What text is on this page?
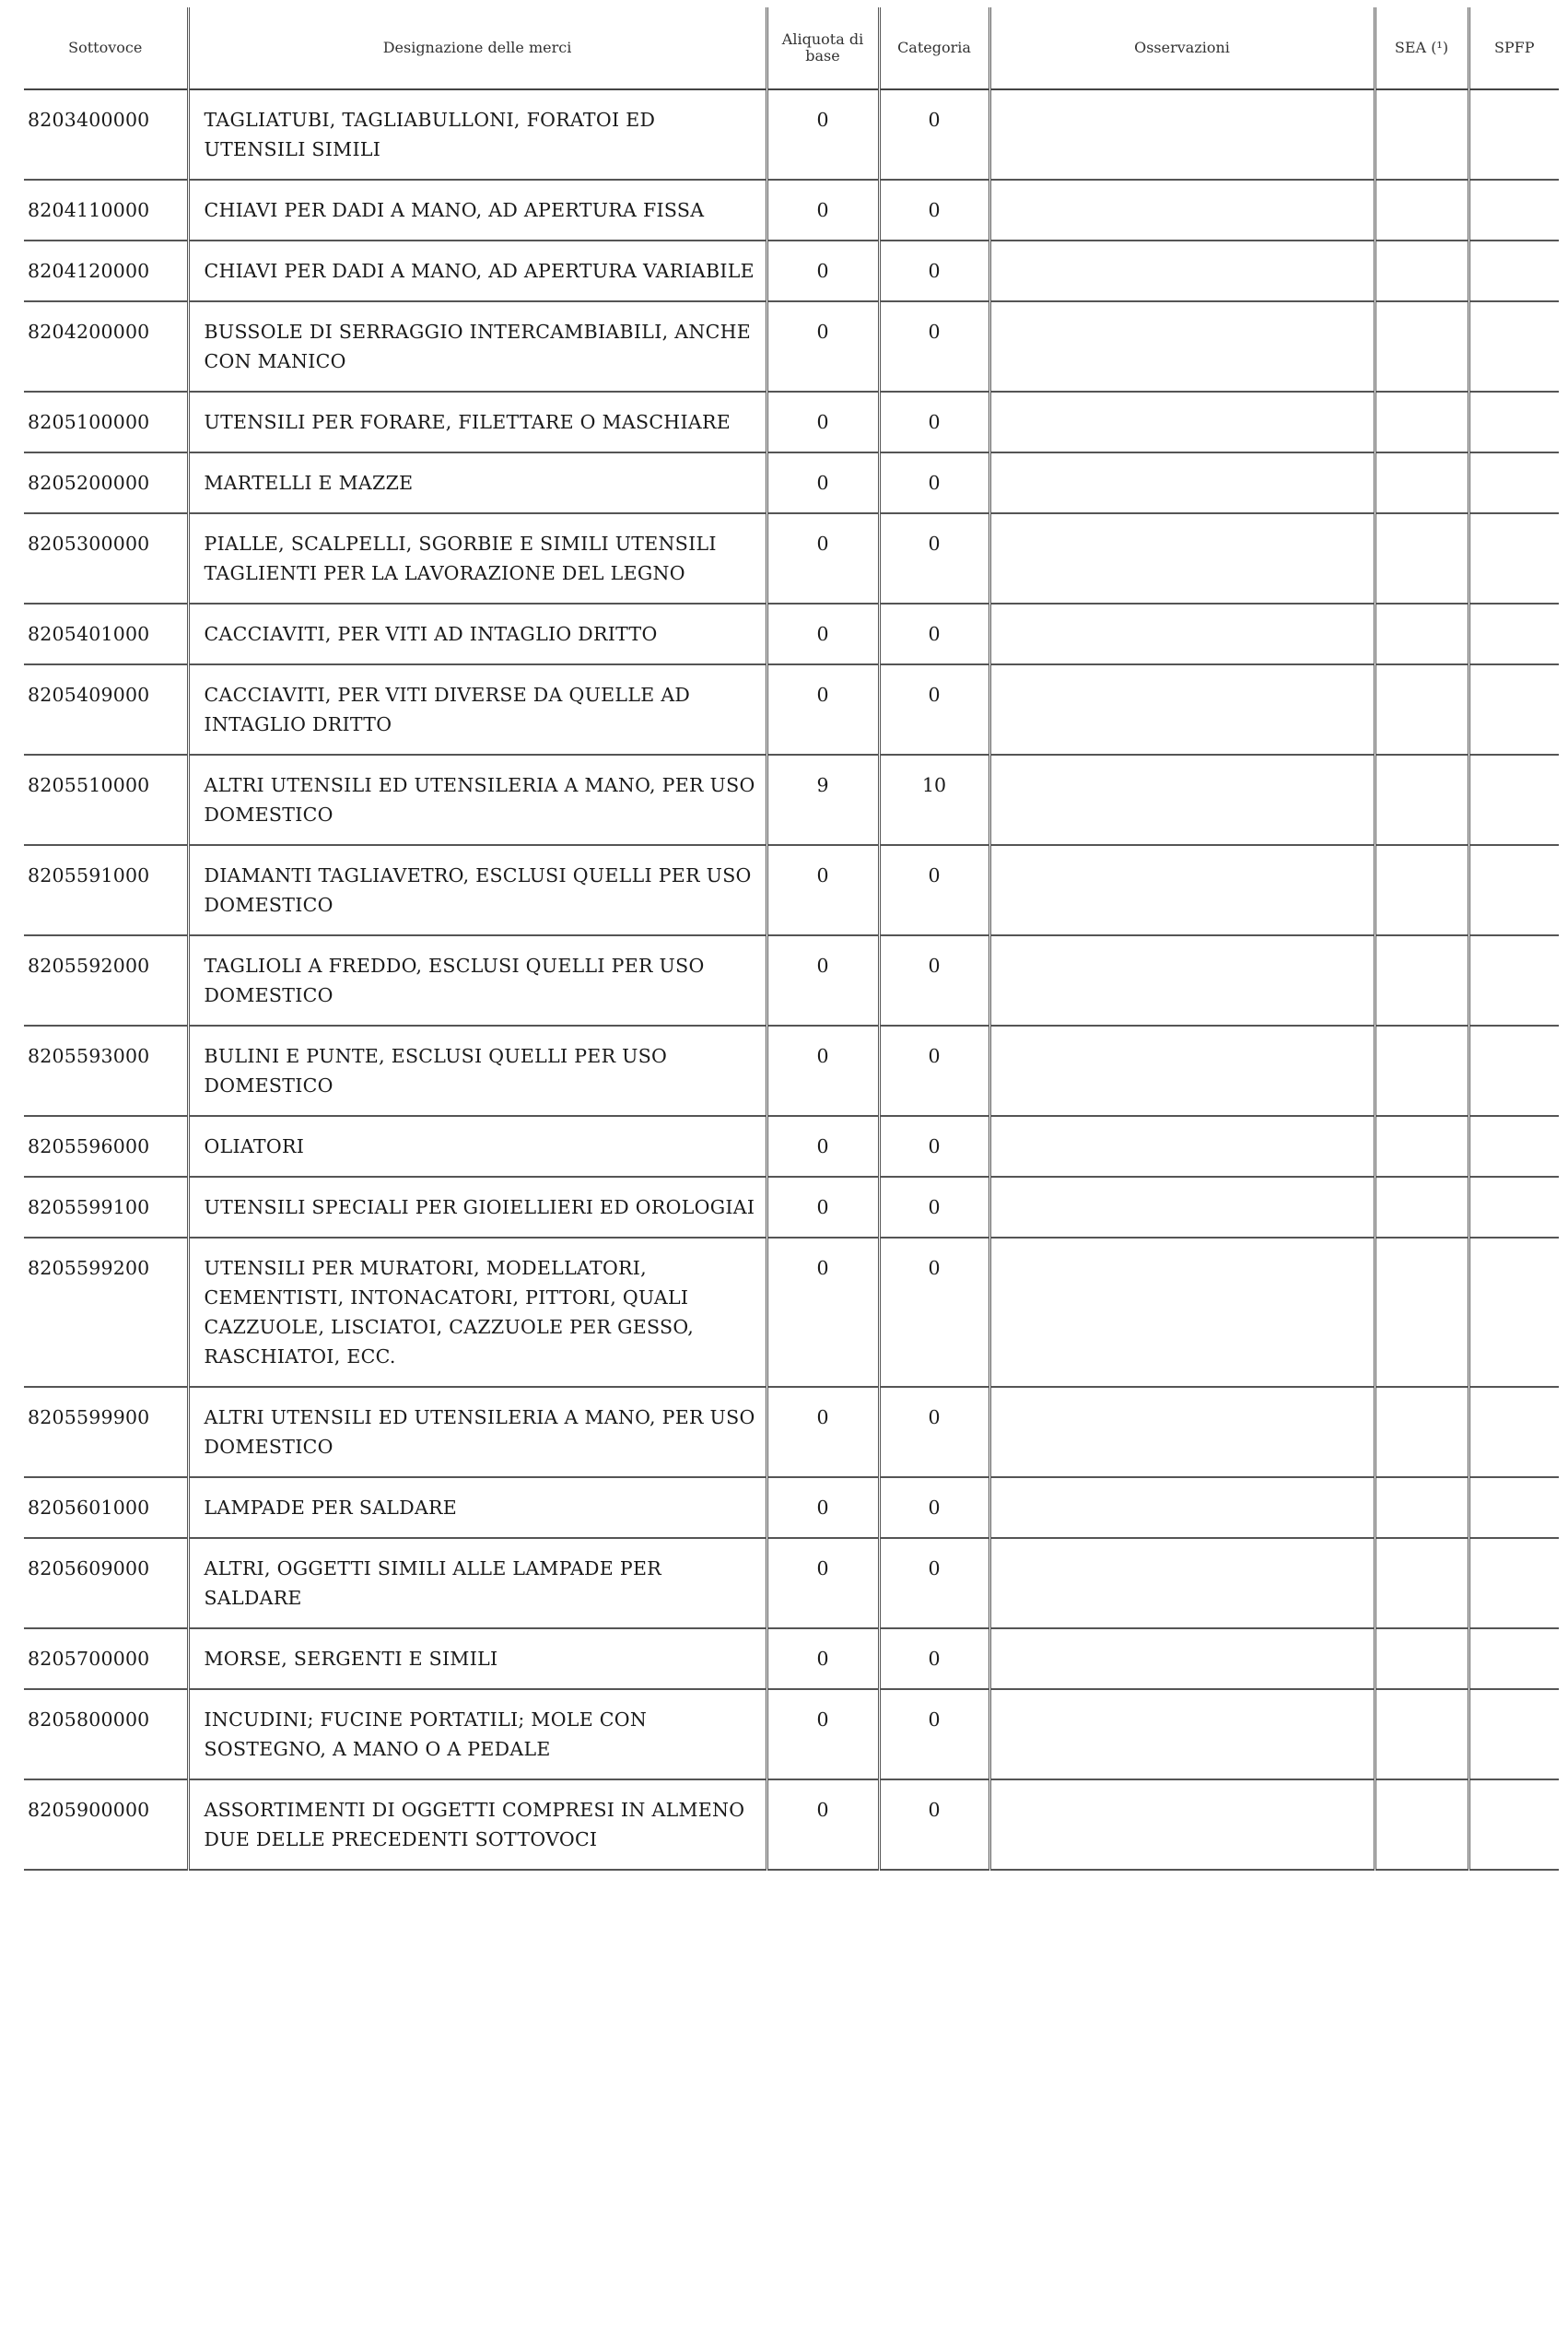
Sottovoce	Designazione delle merci	Aliquota di base	Categoria	Osservazioni	SEA (¹)	SPFP
8203400000	TAGLIATUBI, TAGLIABULLONI, FORATOI ED UTENSILI SIMILI	0	0			
8204110000	CHIAVI PER DADI A MANO, AD APERTURA FISSA	0	0			
8204120000	CHIAVI PER DADI A MANO, AD APERTURA VARIABILE	0	0			
8204200000	BUSSOLE DI SERRAGGIO INTERCAMBIABILI, ANCHE CON MANICO	0	0			
8205100000	UTENSILI PER FORARE, FILETTARE O MASCHIARE	0	0			
8205200000	MARTELLI E MAZZE	0	0			
8205300000	PIALLE, SCALPELLI, SGORBIE E SIMILI UTENSILI TAGLIENTI PER LA LAVORAZIONE DEL LEGNO	0	0			
8205401000	CACCIAVITI, PER VITI AD INTAGLIO DRITTO	0	0			
8205409000	CACCIAVITI, PER VITI DIVERSE DA QUELLE AD INTAGLIO DRITTO	0	0			
8205510000	ALTRI UTENSILI ED UTENSILERIA A MANO, PER USO DOMESTICO	9	10			
8205591000	DIAMANTI TAGLIAVETRO, ESCLUSI QUELLI PER USO DOMESTICO	0	0			
8205592000	TAGLIOLI A FREDDO, ESCLUSI QUELLI PER USO DOMESTICO	0	0			
8205593000	BULINI E PUNTE, ESCLUSI QUELLI PER USO DOMESTICO	0	0			
8205596000	OLIATORI	0	0			
8205599100	UTENSILI SPECIALI PER GIOIELLIERI ED OROLOGIAI	0	0			
8205599200	UTENSILI PER MURATORI, MODELLATORI, CEMENTISTI, INTONACATORI, PITTORI, QUALI CAZZUOLE, LISCIATOI, CAZZUOLE PER GESSO, RASCHIATOI, ECC.	0	0			
8205599900	ALTRI UTENSILI ED UTENSILERIA A MANO, PER USO DOMESTICO	0	0			
8205601000	LAMPADE PER SALDARE	0	0			
8205609000	ALTRI, OGGETTI SIMILI ALLE LAMPADE PER SALDARE	0	0			
8205700000	MORSE, SERGENTI E SIMILI	0	0			
8205800000	INCUDINI; FUCINE PORTATILI; MOLE CON SOSTEGNO, A MANO O A PEDALE	0	0			
8205900000	ASSORTIMENTI DI OGGETTI COMPRESI IN ALMENO DUE DELLE PRECEDENTI SOTTOVOCI	0	0			
